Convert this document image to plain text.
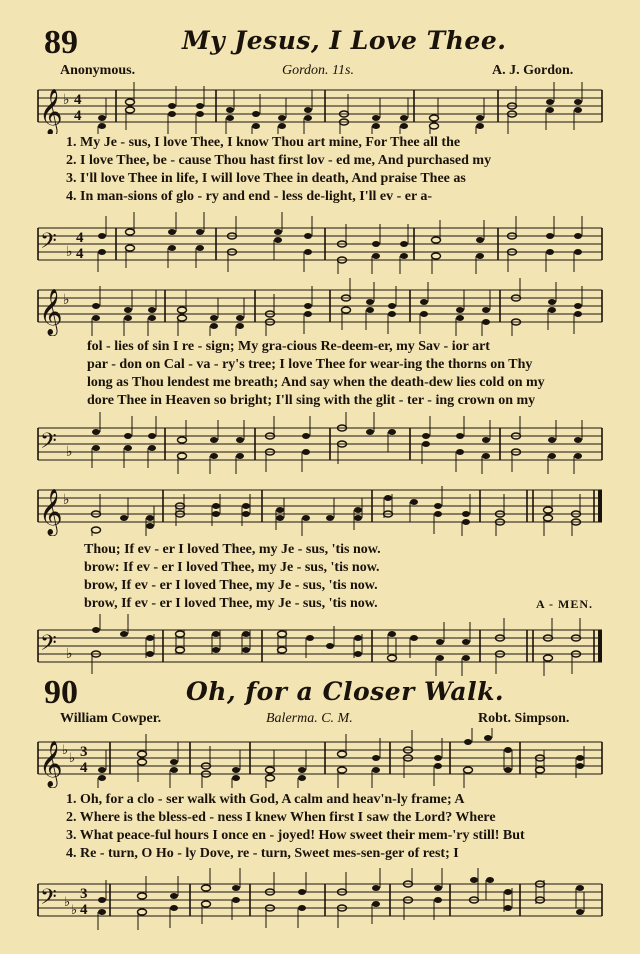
89	My Jesus, I Love Thee.
Anonymous.	Gordon. 11s.	A. J. Gordon.
𝄞 ♭ 4
4
1. My Je - sus, I love Thee, I know Thou art mine, For Thee all the
2. I love Thee, be - cause Thou hast first lov - ed me, And purchased my
3. I'll love Thee in life, I will love Thee in death, And praise Thee as
4. In man-sions of glo - ry and end - less de-light, I'll ev - er a-
𝄢 ♭
4
4
𝄞 ♭
fol - lies of sin I re - sign; My gra-cious Re-deem-er, my Sav - ior art
par - don on Cal - va - ry's tree; I love Thee for wear-ing the thorns on Thy
long as Thou lendest me breath; And say when the death-dew lies cold on my
dore Thee in Heaven so bright; I'll sing with the glit - ter - ing crown on my
𝄢 ♭
𝄞 ♭
Thou; If ev - er I loved Thee, my Je - sus, 'tis now.
brow: If ev - er I loved Thee, my Je - sus, 'tis now.
brow, If ev - er I loved Thee, my Je - sus, 'tis now.
brow, If ev - er I loved Thee, my Je - sus, 'tis now.	A - MEN.
𝄢 ♭
90	Oh, for a Closer Walk.
William Cowper.	Balerma. C. M.	Robt. Simpson.
𝄞 ♭
♭ 3
4
1. Oh, for a clo - ser walk with God, A calm and heav'n-ly frame; A
2. Where is the bless-ed - ness I knew When first I saw the Lord? Where
3. What peace-ful hours I once en - joyed! How sweet their mem-'ry still! But
4. Re - turn, O Ho - ly Dove, re - turn, Sweet mes-sen-ger of rest; I
𝄢 ♭
♭
3
4
